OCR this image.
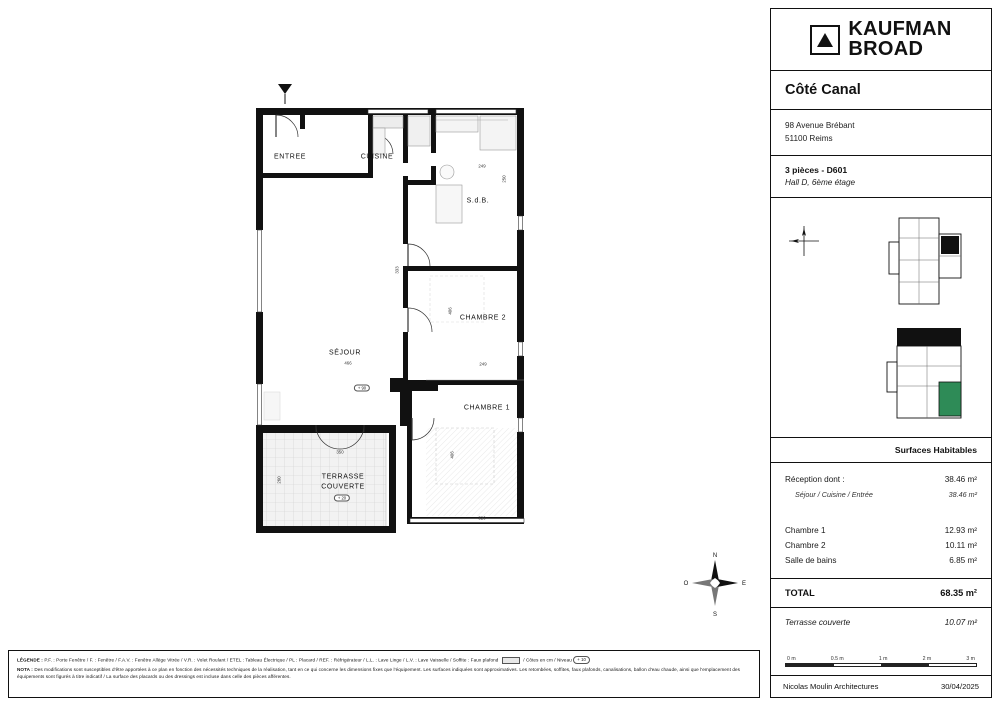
ENTREE	CUISINE
S.d.B.
CHAMBRE 2
SÉJOUR
CHAMBRE 1
TERRASSE
COUVERTE
249
250
333
406
249
466
406
320
350
260
+ 90
+ 20
N
S
E
O
LÉGENDE : P.F. : Porte Fenêtre / F. : Fenêtre / F.A.V. : Fenêtre Allège Vitrée / V.R. : Volet Roulant / ETEL : Tableau Électrique / PL : Placard / REF. : Réfrigérateur / L.L. : Lave Linge / L.V. : Lave Vaisselle / Soffite : Faux plafond	/ Côtes en cm / Niveau + 10
NOTA : Des modifications sont susceptibles d'être apportées à ce plan en fonction des nécessités techniques de la réalisation, tant en ce qui concerne les dimensions fixes que l'équipement. Les surfaces indiquées sont approximatives. Les retombées, soffites, faux plafonds, canalisations, ballon d'eau chaude, ainsi que l'emplacement des équipements sont figurés à titre indicatif / La surface des placards ou des dressings est incluse dans celle des pièces afférentes.
KAUFMAN
BROAD
Côté Canal
98 Avenue Brébant
51100 Reims
3 pièces - D601
Hall D, 6ème étage
Surfaces Habitables
Réception dont :	38.46 m²
Séjour / Cuisine / Entrée	38.46 m²
Chambre 1	12.93 m²
Chambre 2	10.11 m²
Salle de bains	6.85 m²
TOTAL	68.35 m²
Terrasse couverte	10.07 m²
0 m	0.5 m	1 m	2 m	3 m
Nicolas Moulin Architectures	30/04/2025
